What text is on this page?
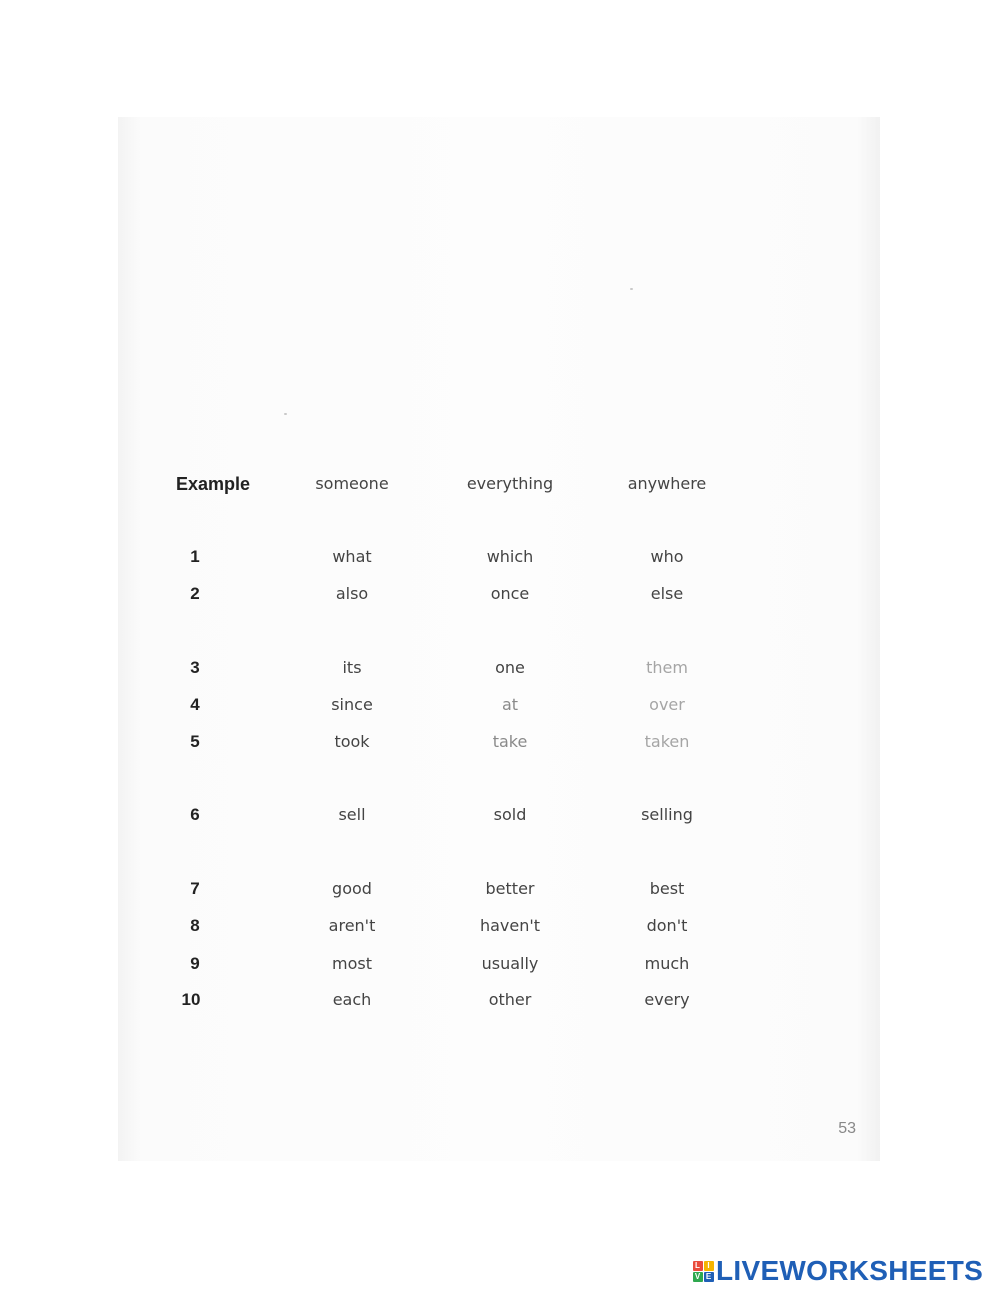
Example	someone	everything	anywhere
1	what	which	who
2	also	once	else
3	its	one	them
4	since	at	over
5	took	take	taken
6	sell	sold	selling
7	good	better	best
8	aren't	haven't	don't
9	most	usually	much
10	each	other	every
53
L I
V E LIVEWORKSHEETS
